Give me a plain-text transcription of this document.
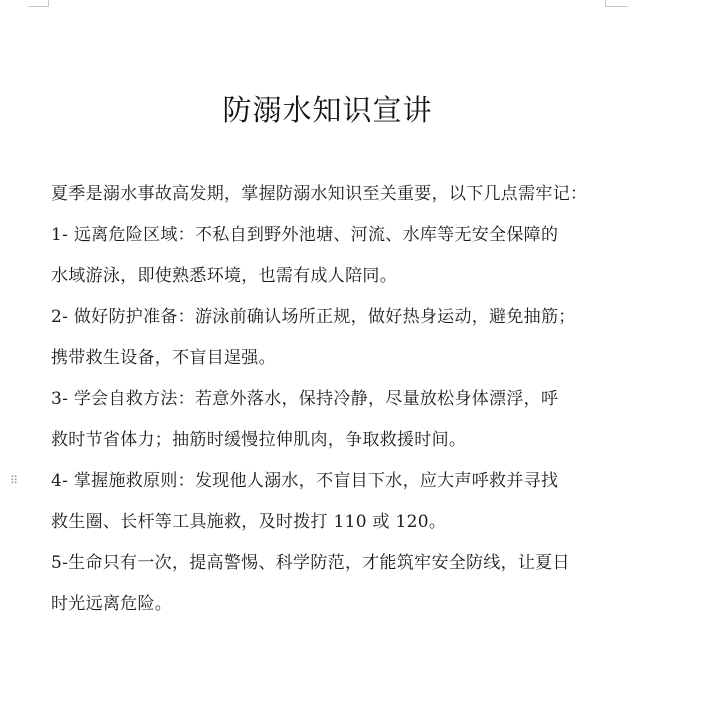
防溺水知识宣讲
⠿

夏季是溺水事故高发期，掌握防溺水知识至关重要，以下几点需牢记：

1- 远离危险区域：不私自到野外池塘、河流、水库等无安全保障的
水域游泳，即使熟悉环境，也需有成人陪同。

2- 做好防护准备：游泳前确认场所正规，做好热身运动，避免抽筋；
携带救生设备，不盲目逞强。

3- 学会自救方法：若意外落水，保持冷静，尽量放松身体漂浮，呼
救时节省体力；抽筋时缓慢拉伸肌肉，争取救援时间。

4- 掌握施救原则：发现他人溺水，不盲目下水，应大声呼救并寻找
救生圈、长杆等工具施救，及时拨打 110 或 120。

5-生命只有一次，提高警惕、科学防范，才能筑牢安全防线，让夏日
时光远离危险。
